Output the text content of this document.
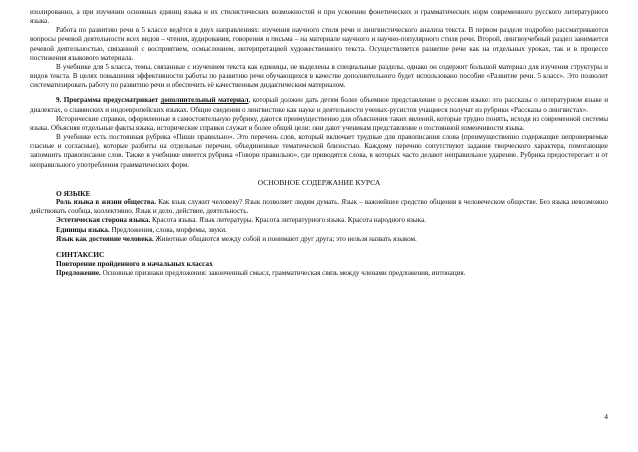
изолированно, а при изучении основных единиц языка и их стилистических возможностей и при усвоении фонетических и грамматических норм современного русского литературного языка.

Работа по развитию речи в 5 классе ведётся в двух направлениях: изучения научного стиля речи и лингвистического анализа текста. В первом разделе подробно рассматриваются вопросы речевой деятельности всех видов – чтения, аудирования, говорения и письма – на материале научного и научно-популярного стиля речи. Второй, лингвоучебный раздел занимается речевой деятельностью, связанной с восприятием, осмыслением, интерпретацией художественного текста. Осуществляется развитие речи как на отдельных уроках, так и в процессе постижения языкового материала.

В учебнике для 5 класса, темы, связанные с изучением текста как единицы, не выделены в специальные разделы, однако он содержит большой материал для изучения структуры и видов текста. В целях повышения эффективности работы по развитию речи обучающихся в качестве дополнительного будет использовано пособие «Развитие речи. 5 класс». Это позволит систематизировать работу по развитию речи и обеспечить её качественным дидактическим материалом.

9. Программа предусматривает дополнительный материал, который должен дать детям более объемное представление о русском языке: это рассказы о литературном языке и диалектах, о славянских и индоевропейских языках. Общие сведения о лингвистике как науке и деятельности ученых-русистов учащиеся получат из рубрики «Рассказы о лингвистах».

Исторические справки, оформленные в самостоятельную рубрику, даются преимущественно для объяснения таких явлений, которые трудно понять, исходя из современной системы языка. Объясняя отдельные факты языка, исторические справки служат и более общей цели: они дают ученикам представление о постоянной изменчивости языка.

В учебнике есть постоянная рубрика «Пиши правильно». Это перечень слов, который включает трудные для правописания слова (преимущественно содержащие непроверяемые гласные и согласные), которые разбиты на отдельные перечни, объединенные тематической близостью. Каждому перечню сопутствуют задания творческого характера, помогающие запомнить правописание слов. Также в учебнике имеется рубрика «Говори правильно», где приводятся слова, в которых часто делают неправильное ударение. Рубрика предостерегает и от неправильного употребления грамматических форм.

ОСНОВНОЕ СОДЕРЖАНИЕ КУРСА
О ЯЗЫКЕ

Роль языка в жизни общества. Как язык служит человеку? Язык позволяет людям думать. Язык – важнейшее средство общения в человеческом обществе. Без языка невозможно действовать сообща, коллективно. Язык и дело, действие, деятельность.

Эстетическая сторона языка. Красота языка. Язык литературы. Красота литературного языка. Красота народного языка.

Единицы языка. Предложения, слова, морфемы, звуки.

Язык как достояние человека. Животные общаются между собой и понимают друг друга; это нельзя назвать языком.

СИНТАКСИС
Повторение пройденного в начальных классах

Предложение. Основные признаки предложения: законченный смысл, грамматическая связь между членами предложения, интонация.

4
